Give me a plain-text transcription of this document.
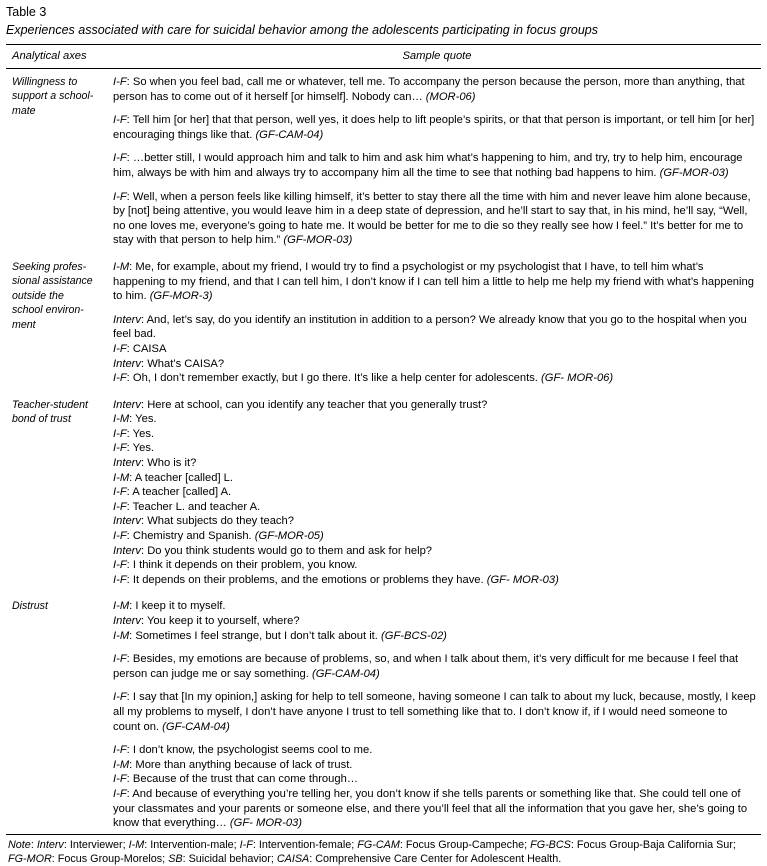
Table 3
Experiences associated with care for suicidal behavior among the adolescents participating in focus groups
Analytical axes	Sample quote
Willingness to
support a school-
mate
I-F: So when you feel bad, call me or whatever, tell me. To accompany the person because the person, more than anything, that person has to come out of it herself [or himself]. Nobody can… (MOR-06)
I-F: Tell him [or her] that that person, well yes, it does help to lift people’s spirits, or that that person is important, or tell him [or her] encouraging things like that. (GF-CAM-04)
I-F: …better still, I would approach him and talk to him and ask him what’s happening to him, and try, try to help him, encourage him, always be with him and always try to accompany him all the time to see that nothing bad happens to him. (GF-MOR-03)
I-F: Well, when a person feels like killing himself, it’s better to stay there all the time with him and never leave him alone because, by [not] being attentive, you would leave him in a deep state of depression, and he’ll start to say that, in his mind, he’ll say, “Well, no one loves me, everyone’s going to hate me. It would be better for me to die so they really see how I feel.” It’s better for me to stay with that person to help him.” (GF-MOR-03)
Seeking profes-
sional assistance
outside the
school environ-
ment
I-M: Me, for example, about my friend, I would try to find a psychologist or my psychologist that I have, to tell him what’s happening to my friend, and that I can tell him, I don’t know if I can tell him a little to help me help my friend with what’s happening to him. (GF-MOR-3)
Interv: And, let’s say, do you identify an institution in addition to a person? We already know that you go to the hospital when you feel bad.
I-F: CAISA
Interv: What’s CAISA?
I-F: Oh, I don’t remember exactly, but I go there. It’s like a help center for adolescents. (GF- MOR-06)
Teacher-student
bond of trust
Interv: Here at school, can you identify any teacher that you generally trust?
I-M: Yes.
I-F: Yes.
I-F: Yes.
Interv: Who is it?
I-M: A teacher [called] L.
I-F: A teacher [called] A.
I-F: Teacher L. and teacher A.
Interv: What subjects do they teach?
I-F: Chemistry and Spanish. (GF-MOR-05)
Interv: Do you think students would go to them and ask for help?
I-F: I think it depends on their problem, you know.
I-F: It depends on their problems, and the emotions or problems they have. (GF- MOR-03)
Distrust	I-M: I keep it to myself.
Interv: You keep it to yourself, where?
I-M: Sometimes I feel strange, but I don’t talk about it. (GF-BCS-02)
I-F: Besides, my emotions are because of problems, so, and when I talk about them, it’s very difficult for me because I feel that person can judge me or say something. (GF-CAM-04)
I-F: I say that [In my opinion,] asking for help to tell someone, having someone I can talk to about my luck, because, mostly, I keep all my problems to myself, I don’t have anyone I trust to tell something like that to. I don’t know if, if I would need someone to count on. (GF-CAM-04)
I-F: I don’t know, the psychologist seems cool to me.
I-M: More than anything because of lack of trust.
I-F: Because of the trust that can come through…
I-F: And because of everything you’re telling her, you don’t know if she tells parents or something like that. She could tell one of your classmates and your parents or someone else, and there you’ll feel that all the information that you gave her, she’s going to know that everything… (GF- MOR-03)
Note: Interv: Interviewer; I-M: Intervention-male; I-F: Intervention-female; FG-CAM: Focus Group-Campeche; FG-BCS: Focus Group-Baja California Sur; FG-MOR: Focus Group-Morelos; SB: Suicidal behavior; CAISA: Comprehensive Care Center for Adolescent Health.
